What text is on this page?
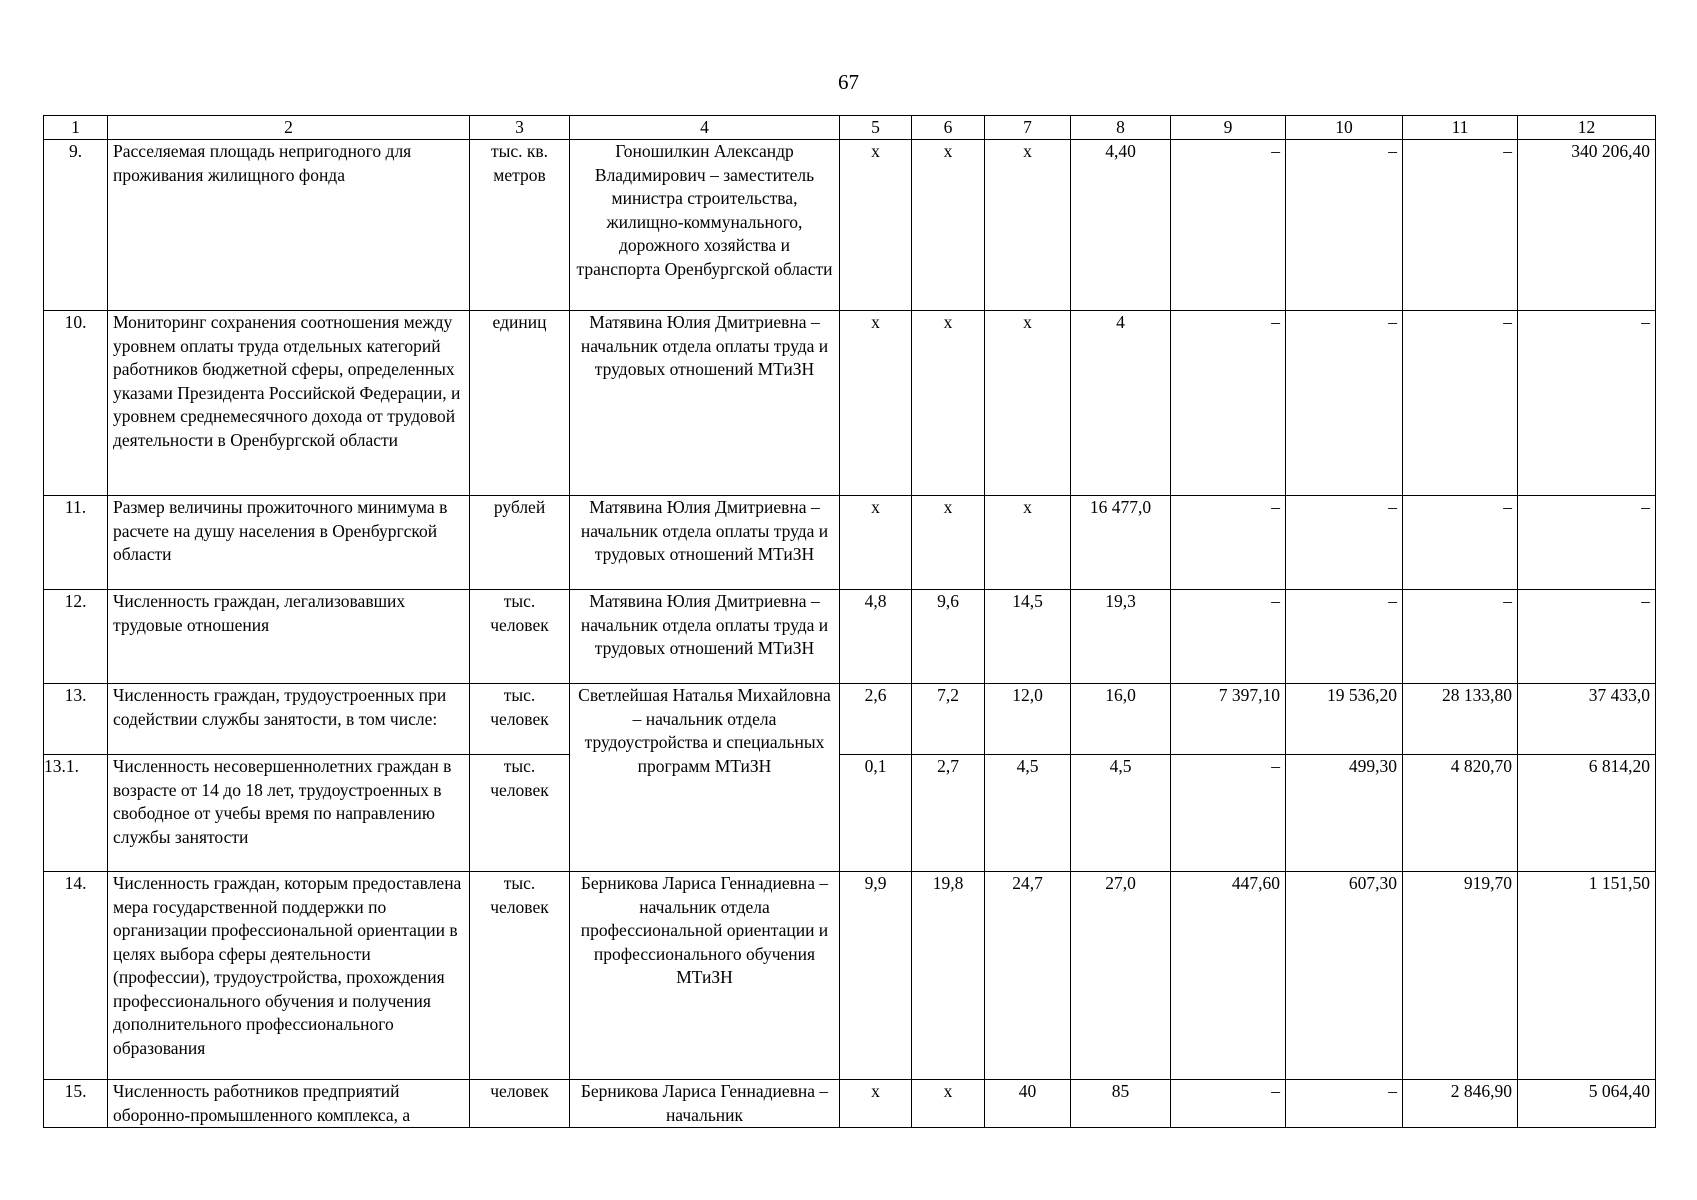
67
1	2	3	4	5	6	7	8	9	10	11	12
9.	Расселяемая площадь непригодного для проживания жилищного фонда	тыс. кв. метров	Гоношилкин Александр Владимирович – заместитель министра строительства, жилищно-коммунального, дорожного хозяйства и транспорта Оренбургской области	х	х	х	4,40	–	–	–	340 206,40
10.	Мониторинг сохранения соотношения между уровнем оплаты труда отдельных категорий работников бюджетной сферы, определенных указами Президента Российской Федерации, и уровнем среднемесячного дохода от трудовой деятельности в Оренбургской области	единиц	Матявина Юлия Дмитриевна – начальник отдела оплаты труда и трудовых отношений МТиЗН	х	х	х	4	–	–	–	–
11.	Размер величины прожиточного минимума в расчете на душу населения в Оренбургской области	рублей	Матявина Юлия Дмитриевна – начальник отдела оплаты труда и трудовых отношений МТиЗН	х	х	х	16 477,0	–	–	–	–
12.	Численность граждан, легализовавших трудовые отношения	тыс. человек	Матявина Юлия Дмитриевна – начальник отдела оплаты труда и трудовых отношений МТиЗН	4,8	9,6	14,5	19,3	–	–	–	–
13.	Численность граждан, трудоустроенных при содействии службы занятости, в том числе:	тыс. человек	Светлейшая Наталья Михайловна – начальник отдела трудоустройства и специальных программ МТиЗН	2,6	7,2	12,0	16,0	7 397,10	19 536,20	28 133,80	37 433,0
13.1.	Численность несовершеннолетних граждан в возрасте от 14 до 18 лет, трудоустроенных в свободное от учебы время по направлению службы занятости	тыс. человек		0,1	2,7	4,5	4,5	–	499,30	4 820,70	6 814,20
14.	Численность граждан, которым предоставлена мера государственной поддержки по организации профессиональной ориентации в целях выбора сферы деятельности (профессии), трудоустройства, прохождения профессионального обучения и получения дополнительного профессионального образования	тыс. человек	Берникова Лариса Геннадиевна – начальник отдела профессиональной ориентации и профессионального обучения МТиЗН	9,9	19,8	24,7	27,0	447,60	607,30	919,70	1 151,50
15.	Численность работников предприятий оборонно-промышленного комплекса, а	человек	Берникова Лариса Геннадиевна – начальник	х	х	40	85	–	–	2 846,90	5 064,40
